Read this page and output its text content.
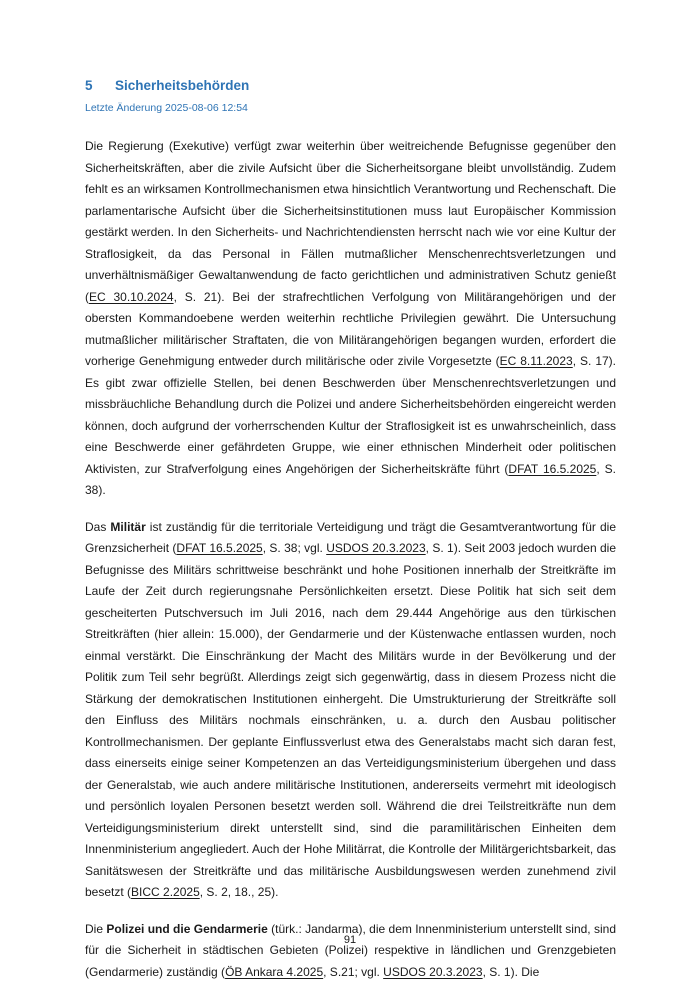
5	Sicherheitsbehörden
Letzte Änderung 2025-08-06 12:54

Die Regierung (Exekutive) verfügt zwar weiterhin über weitreichende Befugnisse gegenüber den Sicherheitskräften, aber die zivile Aufsicht über die Sicherheitsorgane bleibt unvollständig. Zudem fehlt es an wirksamen Kontrollmechanismen etwa hinsichtlich Verantwortung und Rechenschaft. Die parlamentarische Aufsicht über die Sicherheitsinstitutionen muss laut Europäischer Kommission gestärkt werden. In den Sicherheits- und Nachrichtendiensten herrscht nach wie vor eine Kultur der Straflosigkeit, da das Personal in Fällen mutmaßlicher Menschenrechtsverletzungen und unverhältnismäßiger Gewaltanwendung de facto gerichtlichen und administrativen Schutz genießt (EC 30.10.2024, S. 21). Bei der strafrechtlichen Verfolgung von Militärangehörigen und der obersten Kommandoebene werden weiterhin rechtliche Privilegien gewährt. Die Untersuchung mutmaßlicher militärischer Straftaten, die von Militärangehörigen begangen wurden, erfordert die vorherige Genehmigung entweder durch militärische oder zivile Vorgesetzte (EC 8.11.2023, S. 17). Es gibt zwar offizielle Stellen, bei denen Beschwerden über Menschenrechtsverletzungen und missbräuchliche Behandlung durch die Polizei und andere Sicherheitsbehörden eingereicht werden können, doch aufgrund der vorherrschenden Kultur der Straflosigkeit ist es unwahrscheinlich, dass eine Beschwerde einer gefährdeten Gruppe, wie einer ethnischen Minderheit oder politischen Aktivisten, zur Strafverfolgung eines Angehörigen der Sicherheitskräfte führt (DFAT 16.5.2025, S. 38).

Das Militär ist zuständig für die territoriale Verteidigung und trägt die Gesamtverantwortung für die Grenzsicherheit (DFAT 16.5.2025, S. 38; vgl. USDOS 20.3.2023, S. 1). Seit 2003 jedoch wurden die Befugnisse des Militärs schrittweise beschränkt und hohe Positionen innerhalb der Streitkräfte im Laufe der Zeit durch regierungsnahe Persönlichkeiten ersetzt. Diese Politik hat sich seit dem gescheiterten Putschversuch im Juli 2016, nach dem 29.444 Angehörige aus den türkischen Streitkräften (hier allein: 15.000), der Gendarmerie und der Küstenwache entlassen wurden, noch einmal verstärkt. Die Einschränkung der Macht des Militärs wurde in der Bevölkerung und der Politik zum Teil sehr begrüßt. Allerdings zeigt sich gegenwärtig, dass in diesem Prozess nicht die Stärkung der demokratischen Institutionen einhergeht. Die Umstrukturierung der Streitkräfte soll den Einfluss des Militärs nochmals einschränken, u. a. durch den Ausbau politischer Kontrollmechanismen. Der geplante Einflussverlust etwa des Generalstabs macht sich daran fest, dass einerseits einige seiner Kompetenzen an das Verteidigungsministerium übergehen und dass der Generalstab, wie auch andere militärische Institutionen, andererseits vermehrt mit ideologisch und persönlich loyalen Personen besetzt werden soll. Während die drei Teilstreitkräfte nun dem Verteidigungsministerium direkt unterstellt sind, sind die paramilitärischen Einheiten dem Innenministerium angegliedert. Auch der Hohe Militärrat, die Kontrolle der Militärgerichtsbarkeit, das Sanitätswesen der Streitkräfte und das militärische Ausbildungswesen werden zunehmend zivil besetzt (BICC 2.2025, S. 2, 18., 25).

Die Polizei und die Gendarmerie (türk.: Jandarma), die dem Innenministerium unterstellt sind, sind für die Sicherheit in städtischen Gebieten (Polizei) respektive in ländlichen und Grenzgebieten (Gendarmerie) zuständig (ÖB Ankara 4.2025, S.21; vgl. USDOS 20.3.2023, S. 1). Die

91
